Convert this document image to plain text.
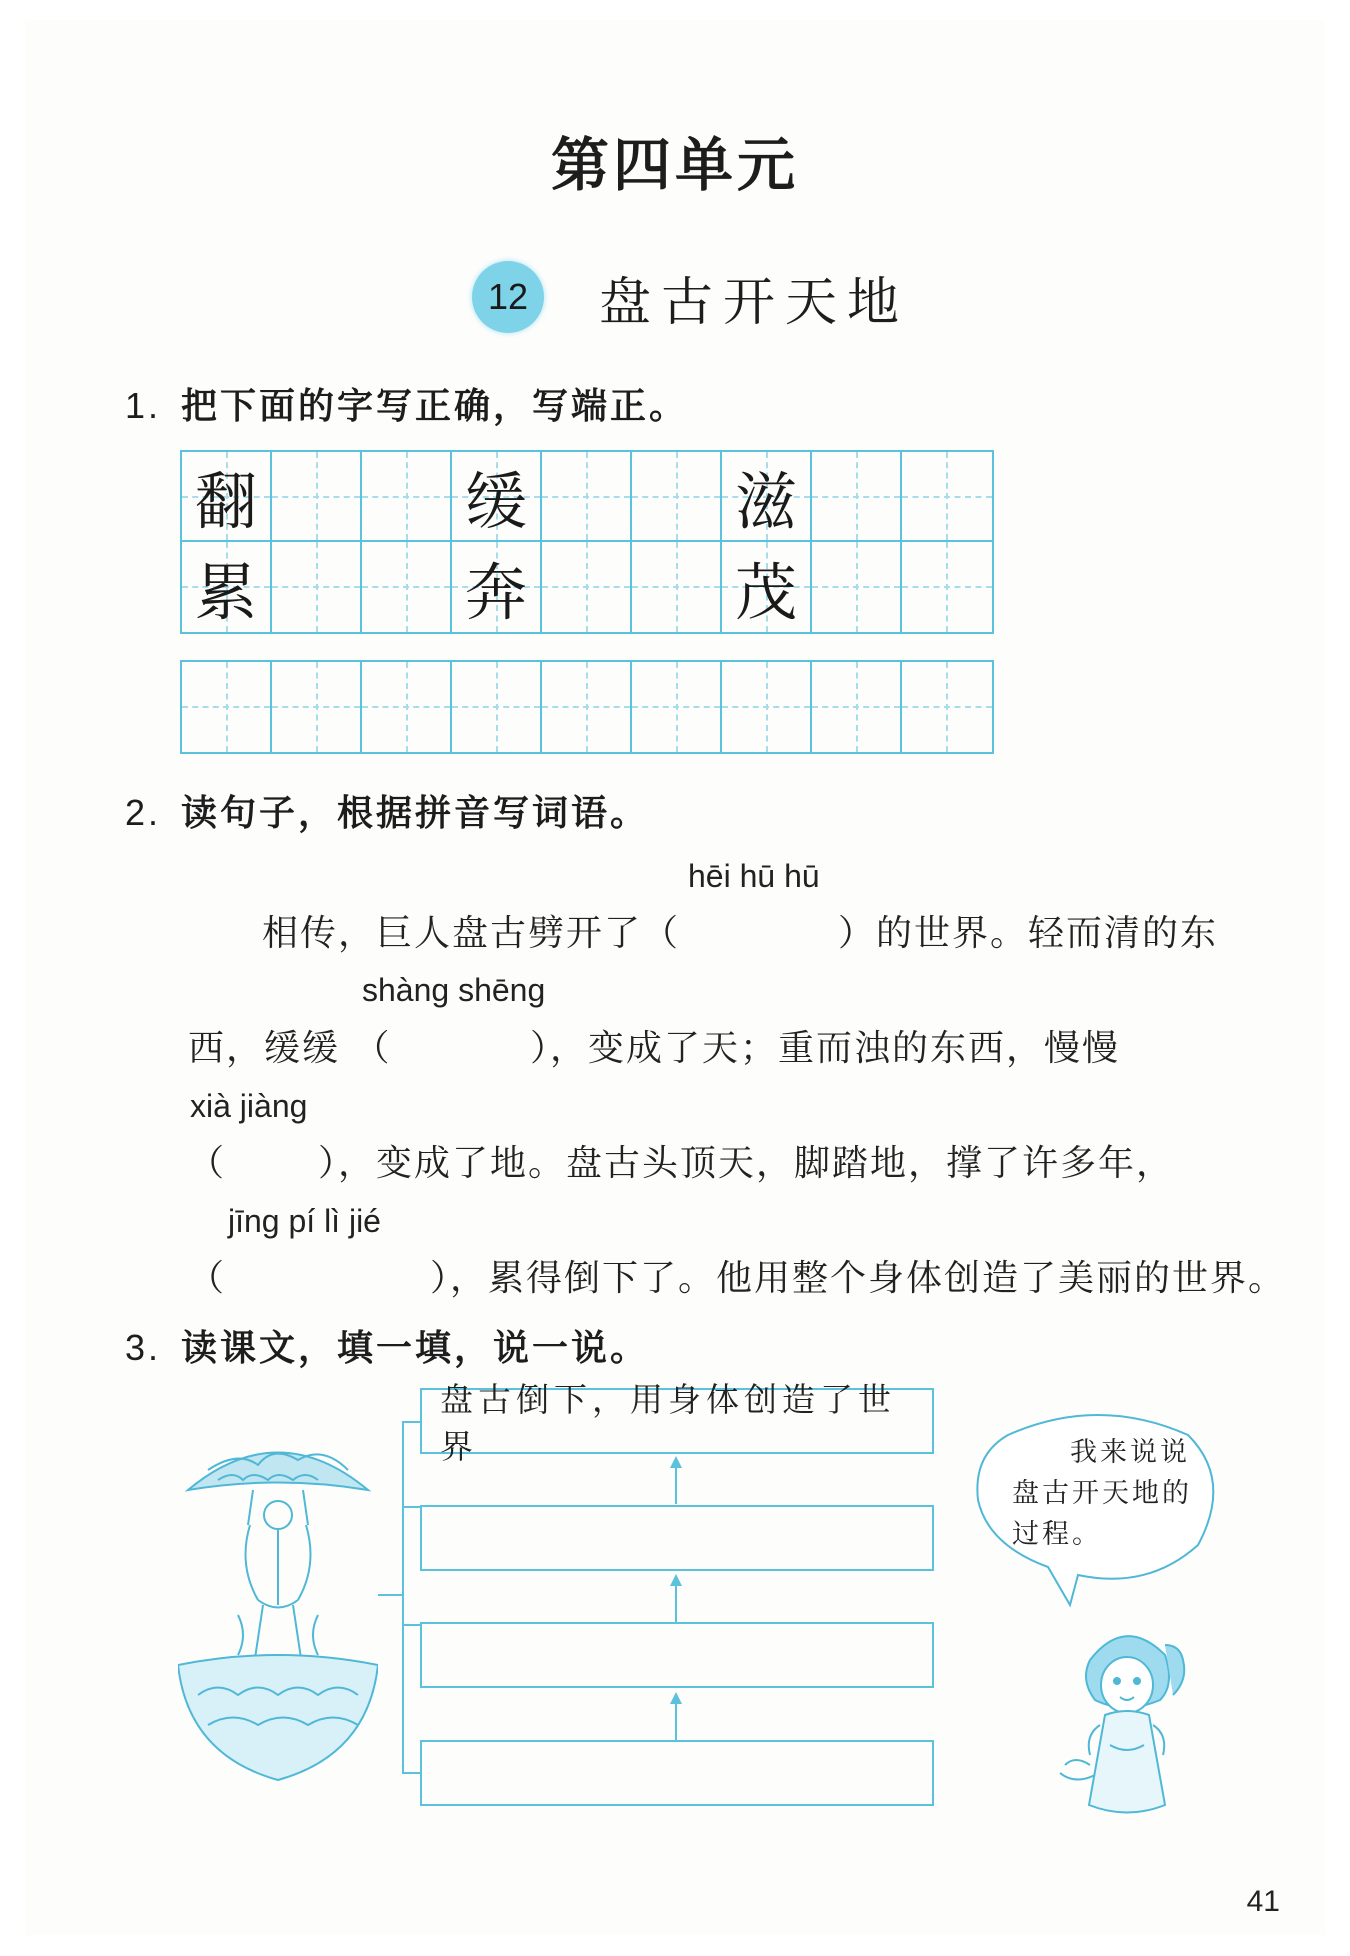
第四单元
12	盘古开天地
1. 把下面的字写正确，写端正。
翻	缓	滋
累	奔	茂
2. 读句子，根据拼音写词语。
hēi hū hū
相传，巨人盘古劈开了（	）的世界。轻而清的东
shàng shēng
西，缓缓 （	），变成了天；重而浊的东西，慢慢
xià jiàng
（	），变成了地。盘古头顶天，脚踏地，撑了许多年，
jīng pí lì jié
（	），累得倒下了。他用整个身体创造了美丽的世界。
3. 读课文，填一填，说一说。
盘古倒下，用身体创造了世界	我来说说
盘古开天地的
过程。
41
